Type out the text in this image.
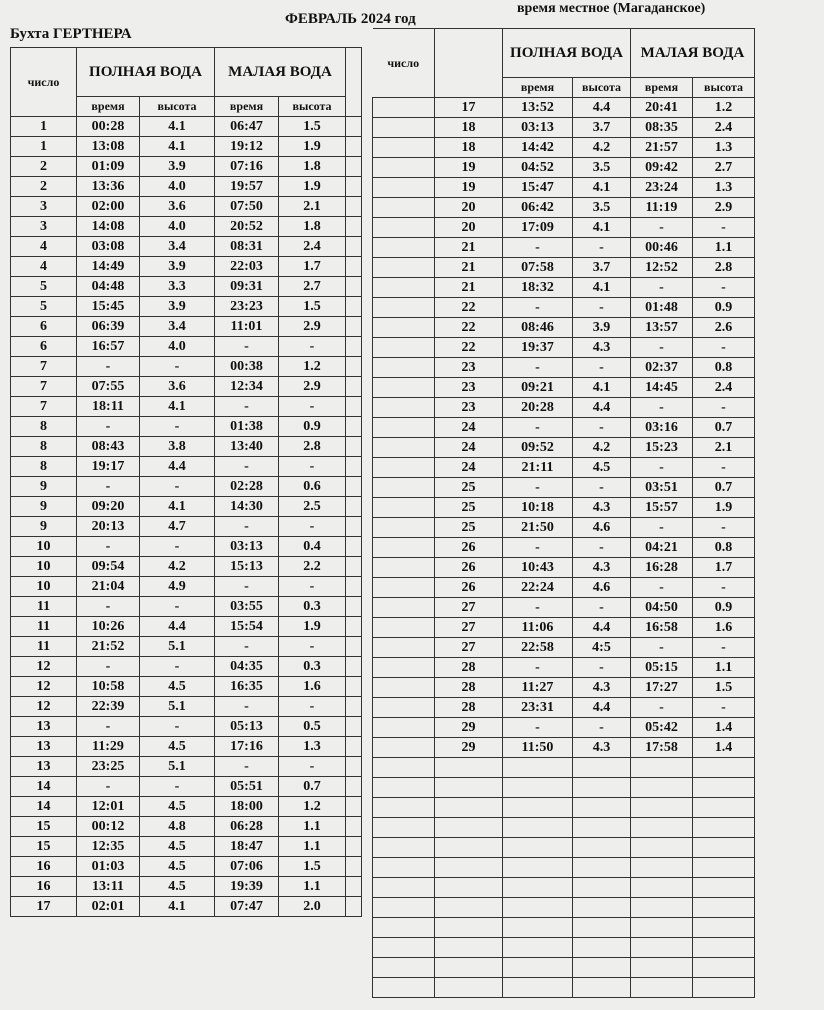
Бухта ГЕРТНЕРА
ФЕВРАЛЬ 2024 год
время местное (Магаданское)
число	ПОЛНАЯ ВОДА		МАЛАЯ ВОДА		
	время	высота	время	высота	
1	00:28	4.1	06:47	1.5	
1	13:08	4.1	19:12	1.9	
2	01:09	3.9	07:16	1.8	
2	13:36	4.0	19:57	1.9	
3	02:00	3.6	07:50	2.1	
3	14:08	4.0	20:52	1.8	
4	03:08	3.4	08:31	2.4	
4	14:49	3.9	22:03	1.7	
5	04:48	3.3	09:31	2.7	
5	15:45	3.9	23:23	1.5	
6	06:39	3.4	11:01	2.9	
6	16:57	4.0	-	-	
7	-	-	00:38	1.2	
7	07:55	3.6	12:34	2.9	
7	18:11	4.1	-	-	
8	-	-	01:38	0.9	
8	08:43	3.8	13:40	2.8	
8	19:17	4.4	-	-	
9	-	-	02:28	0.6	
9	09:20	4.1	14:30	2.5	
9	20:13	4.7	-	-	
10	-	-	03:13	0.4	
10	09:54	4.2	15:13	2.2	
10	21:04	4.9	-	-	
11	-	-	03:55	0.3	
11	10:26	4.4	15:54	1.9	
11	21:52	5.1	-	-	
12	-	-	04:35	0.3	
12	10:58	4.5	16:35	1.6	
12	22:39	5.1	-	-	
13	-	-	05:13	0.5	
13	11:29	4.5	17:16	1.3	
13	23:25	5.1	-	-	
14	-	-	05:51	0.7	
14	12:01	4.5	18:00	1.2	
15	00:12	4.8	06:28	1.1	
15	12:35	4.5	18:47	1.1	
16	01:03	4.5	07:06	1.5	
16	13:11	4.5	19:39	1.1	
17	02:01	4.1	07:47	2.0	
число		ПОЛНАЯ ВОДА		МАЛАЯ ВОДА	
		время	высота	время	высота
	17	13:52	4.4	20:41	1.2
	18	03:13	3.7	08:35	2.4
	18	14:42	4.2	21:57	1.3
	19	04:52	3.5	09:42	2.7
	19	15:47	4.1	23:24	1.3
	20	06:42	3.5	11:19	2.9
	20	17:09	4.1	-	-
	21	-	-	00:46	1.1
	21	07:58	3.7	12:52	2.8
	21	18:32	4.1	-	-
	22	-	-	01:48	0.9
	22	08:46	3.9	13:57	2.6
	22	19:37	4.3	-	-
	23	-	-	02:37	0.8
	23	09:21	4.1	14:45	2.4
	23	20:28	4.4	-	-
	24	-	-	03:16	0.7
	24	09:52	4.2	15:23	2.1
	24	21:11	4.5	-	-
	25	-	-	03:51	0.7
	25	10:18	4.3	15:57	1.9
	25	21:50	4.6	-	-
	26	-	-	04:21	0.8
	26	10:43	4.3	16:28	1.7
	26	22:24	4.6	-	-
	27	-	-	04:50	0.9
	27	11:06	4.4	16:58	1.6
	27	22:58	4:5	-	-
	28	-	-	05:15	1.1
	28	11:27	4.3	17:27	1.5
	28	23:31	4.4	-	-
	29	-	-	05:42	1.4
	29	11:50	4.3	17:58	1.4
